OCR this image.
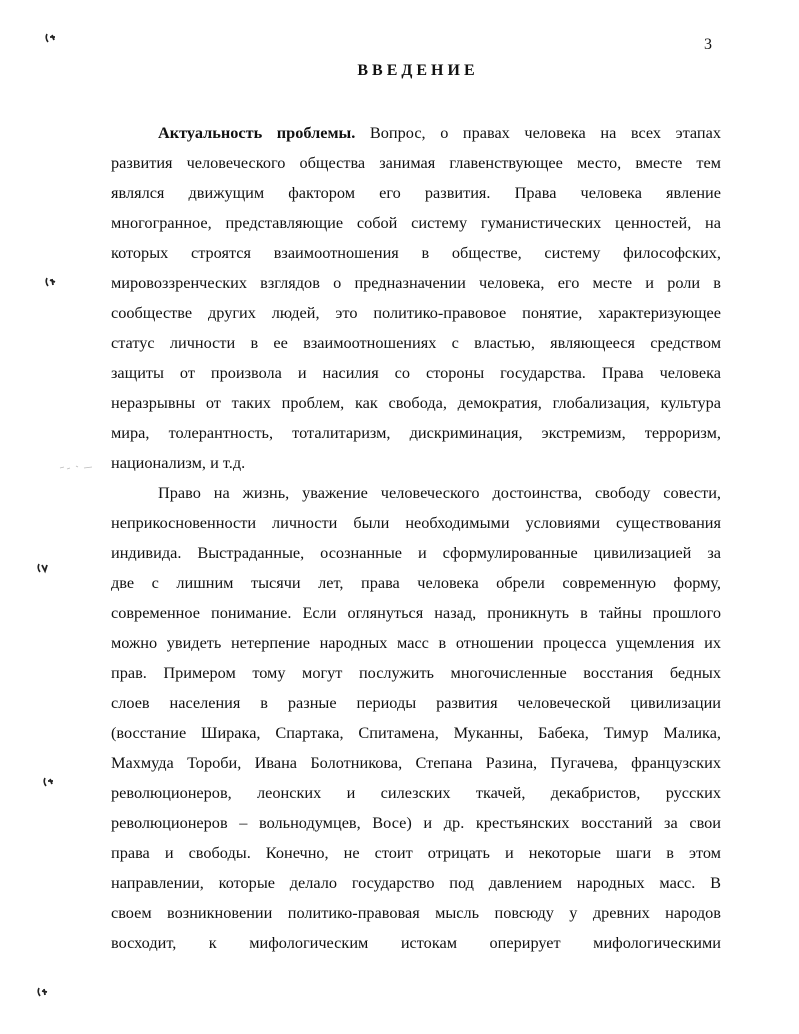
3
ВВЕДЕНИЕ
Актуальность проблемы. Вопрос, о правах человека на всех этапах
развития человеческого общества занимая главенствующее место, вместе тем
являлся движущим фактором его развития. Права человека явление
многогранное, представляющие собой систему гуманистических ценностей, на
которых строятся взаимоотношения в обществе, систему философских,
мировоззренческих взглядов о предназначении человека, его месте и роли в
сообществе других людей, это политико-правовое понятие, характеризующее
статус личности в ее взаимоотношениях с властью, являющееся средством
защиты от произвола и насилия со стороны государства. Права человека
неразрывны от таких проблем, как свобода, демократия, глобализация, культура
мира, толерантность, тоталитаризм, дискриминация, экстремизм, терроризм,
национализм, и т.д.
Право на жизнь, уважение человеческого достоинства, свободу совести,
неприкосновенности личности были необходимыми условиями существования
индивида. Выстраданные, осознанные и сформулированные цивилизацией за
две с лишним тысячи лет, права человека обрели современную форму,
современное понимание. Если оглянуться назад, проникнуть в тайны прошлого
можно увидеть нетерпение народных масс в отношении процесса ущемления их
прав. Примером тому могут послужить многочисленные восстания бедных
слоев населения в разные периоды развития человеческой цивилизации
(восстание Ширака, Спартака, Спитамена, Муканны, Бабека, Тимур Малика,
Махмуда Тороби, Ивана Болотникова, Степана Разина, Пугачева, французских
революционеров, леонских и силезских ткачей, декабристов, русских
революционеров – вольнодумцев, Восе) и др. крестьянских восстаний за свои
права и свободы. Конечно, не стоит отрицать и некоторые шаги в этом
направлении, которые делало государство под давлением народных масс. В
своем возникновении политико-правовая мысль повсюду у древних народов
восходит, к мифологическим истокам оперирует мифологическими
